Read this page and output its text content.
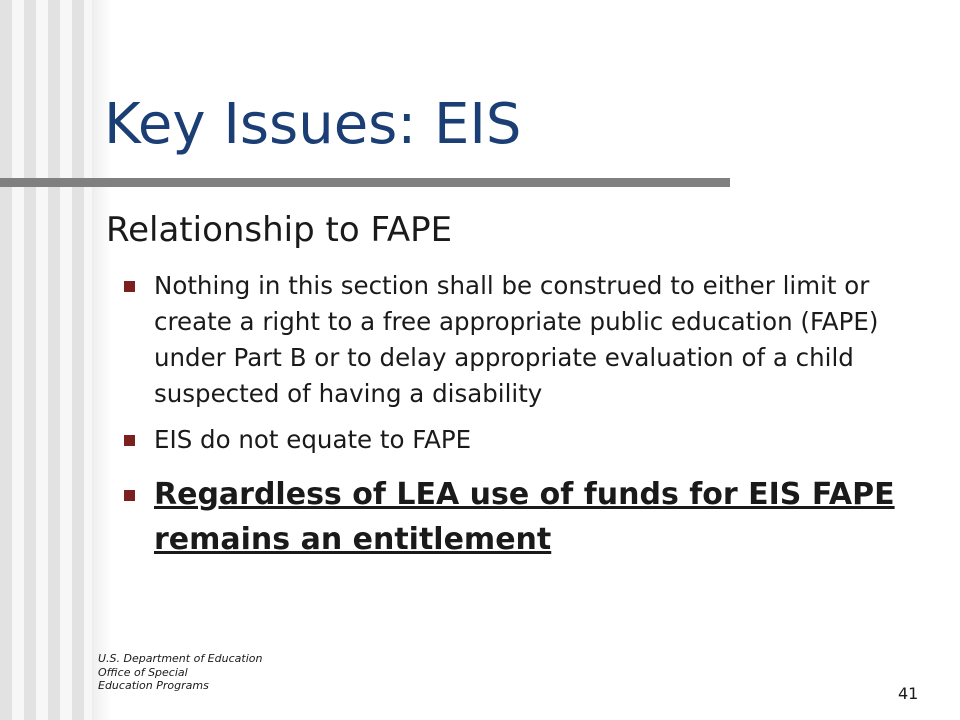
Key Issues: EIS
Relationship to FAPE
Nothing in this section shall be construed to either limit or create a right to a free appropriate public education (FAPE) under Part B or to delay appropriate evaluation of a child suspected of having a disability
EIS do not equate to FAPE
Regardless of LEA use of funds for EIS FAPE remains an entitlement
U.S. Department of Education
Office of Special
Education Programs	41
